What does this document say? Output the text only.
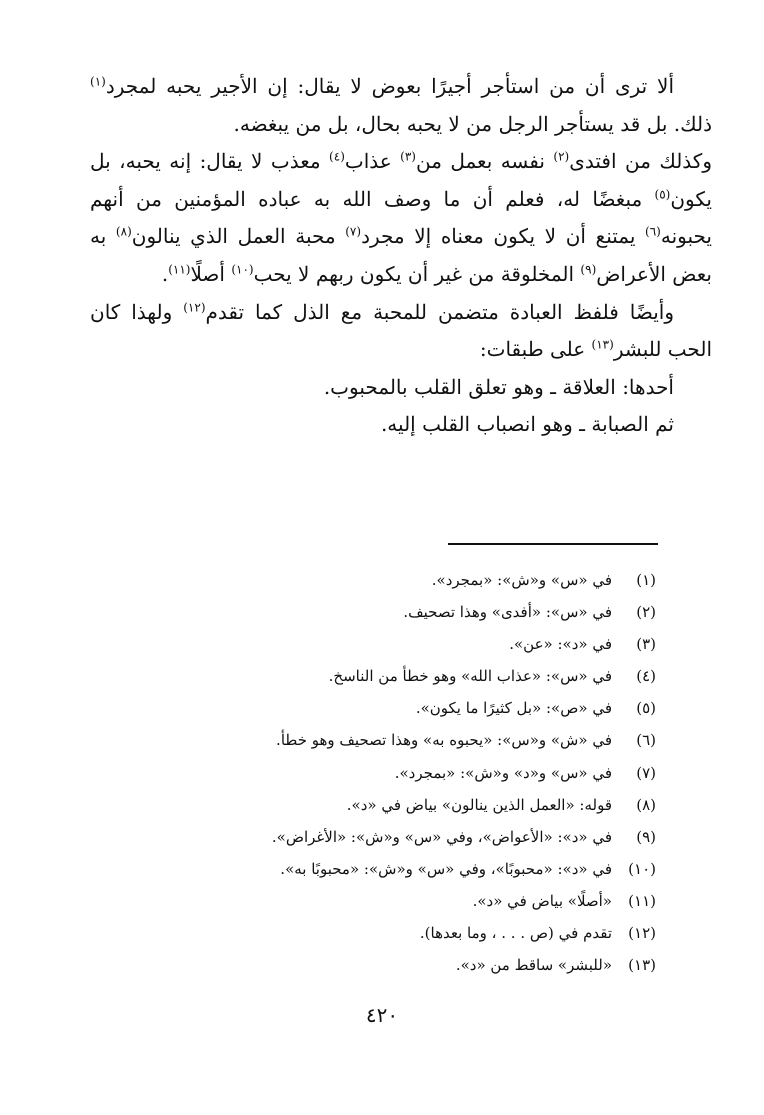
ألا ترى أن من استأجر أجيرًا بعوض لا يقال: إن الأجير يحبه لمجرد$^{(١)}$ ذلك. بل قد يستأجر الرجل من لا يحبه بحال، بل من يبغضه.

وكذلك من افتدى$^{(٢)}$ نفسه بعمل من$^{(٣)}$ عذاب$^{(٤)}$ معذب لا يقال: إنه يحبه، بل يكون$^{(٥)}$ مبغضًا له، فعلم أن ما وصف الله به عباده المؤمنين من أنهم يحبونه$^{(٦)}$ يمتنع أن لا يكون معناه إلا مجرد$^{(٧)}$ محبة العمل الذي ينالون$^{(٨)}$ به بعض الأعراض$^{(٩)}$ المخلوقة من غير أن يكون ربهم لا يحب$^{(١٠)}$ أصلًا$^{(١١)}$.

وأيضًا فلفظ العبادة متضمن للمحبة مع الذل كما تقدم$^{(١٢)}$ ولهذا كان الحب للبشر$^{(١٣)}$ على طبقات:

أحدها: العلاقة ـ وهو تعلق القلب بالمحبوب.

ثم الصبابة ـ وهو انصباب القلب إليه.

(١)في «س» و«ش»: «بمجرد».
(٢)في «س»: «أفدى» وهذا تصحيف.
(٣)في «د»: «عن».
(٤)في «س»: «عذاب الله» وهو خطأ من الناسخ.
(٥)في «ص»: «بل كثيرًا ما يكون».
(٦)في «ش» و«س»: «يحبوه به» وهذا تصحيف وهو خطأ.
(٧)في «س» و«د» و«ش»: «بمجرد».
(٨)قوله: «العمل الذين ينالون» بياض في «د».
(٩)في «د»: «الأعواض»، وفي «س» و«ش»: «الأغراض».
(١٠)في «د»: «محبوبًا»، وفي «س» و«ش»: «محبوبًا به».
(١١)«أصلًا» بياض في «د».
(١٢)تقدم في (ص . . . ، وما بعدها).
(١٣)«للبشر» ساقط من «د».
٤٢٠
